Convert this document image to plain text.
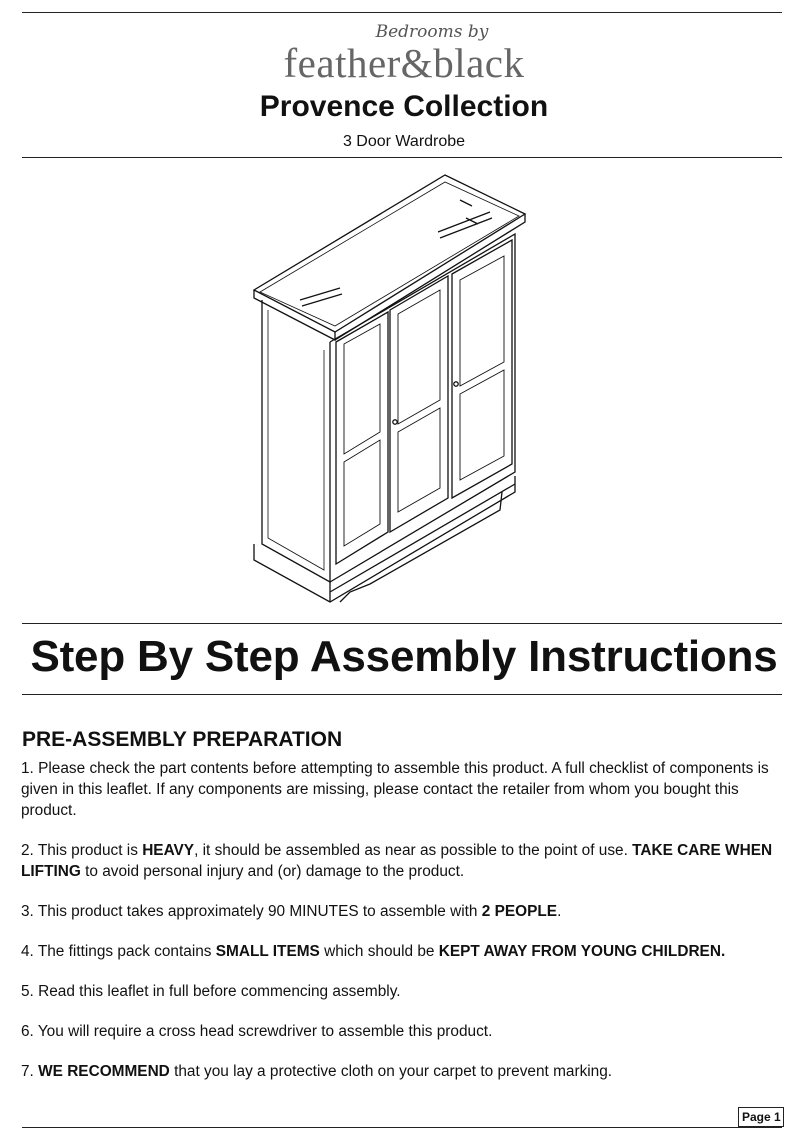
Bedrooms by
feather&black
Provence Collection
3 Door Wardrobe
Step By Step Assembly Instructions
PRE-ASSEMBLY PREPARATION
1. Please check the part contents before attempting to assemble this product. A full checklist of components is given in this leaflet. If any components are missing, please contact the retailer from whom you bought this product.
2. This product is HEAVY, it should be assembled as near as possible to the point of use. TAKE CARE WHEN LIFTING to avoid personal injury and (or) damage to the product.
3. This product takes approximately 90 MINUTES to assemble with 2 PEOPLE.
4. The fittings pack contains SMALL ITEMS which should be KEPT AWAY FROM YOUNG CHILDREN.
5. Read this leaflet in full before commencing assembly.
6. You will require a cross head screwdriver to assemble this product.
7. WE RECOMMEND that you lay a protective cloth on your carpet to prevent marking.
Page 1
